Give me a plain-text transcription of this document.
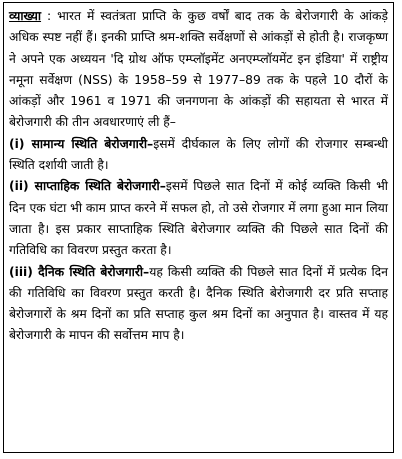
व्याख्या : भारत में स्वतंत्रता प्राप्ति के कुछ वर्षों बाद तक के बेरोजगारी के आंकड़े अधिक स्पष्ट नहीं हैं। इनकी प्राप्ति श्रम-शक्ति सर्वेक्षणों से आंकड़ों से होती है। राजकृष्ण ने अपने एक अध्ययन 'दि ग्रोथ ऑफ एम्प्लॉइमेंट अनएम्प्लॉयमेंट इन इंडिया' में राष्ट्रीय नमूना सर्वेक्षण (NSS) के 1958–59 से 1977–89 तक के पहले 10 दौरों के आंकड़ों और 1961 व 1971 की जनगणना के आंकड़ों की सहायता से भारत में बेरोजगारी की तीन अवधारणाएं ली हैं–

(i) सामान्य स्थिति बेरोजगारी–इसमें दीर्घकाल के लिए लोगों की रोजगार सम्बन्धी स्थिति दर्शायी जाती है।

(ii) साप्ताहिक स्थिति बेरोजगारी–इसमें पिछले सात दिनों में कोई व्यक्ति किसी भी दिन एक घंटा भी काम प्राप्त करने में सफल हो, तो उसे रोजगार में लगा हुआ मान लिया जाता है। इस प्रकार साप्ताहिक स्थिति बेरोजगार व्यक्ति की पिछले सात दिनों की गतिविधि का विवरण प्रस्तुत करता है।

(iii) दैनिक स्थिति बेरोजगारी–यह किसी व्यक्ति की पिछले सात दिनों में प्रत्येक दिन की गतिविधि का विवरण प्रस्तुत करती है। दैनिक स्थिति बेरोजगारी दर प्रति सप्ताह बेरोजगारों के श्रम दिनों का प्रति सप्ताह कुल श्रम दिनों का अनुपात है। वास्तव में यह बेरोजगारी के मापन की सर्वोत्तम माप है।
